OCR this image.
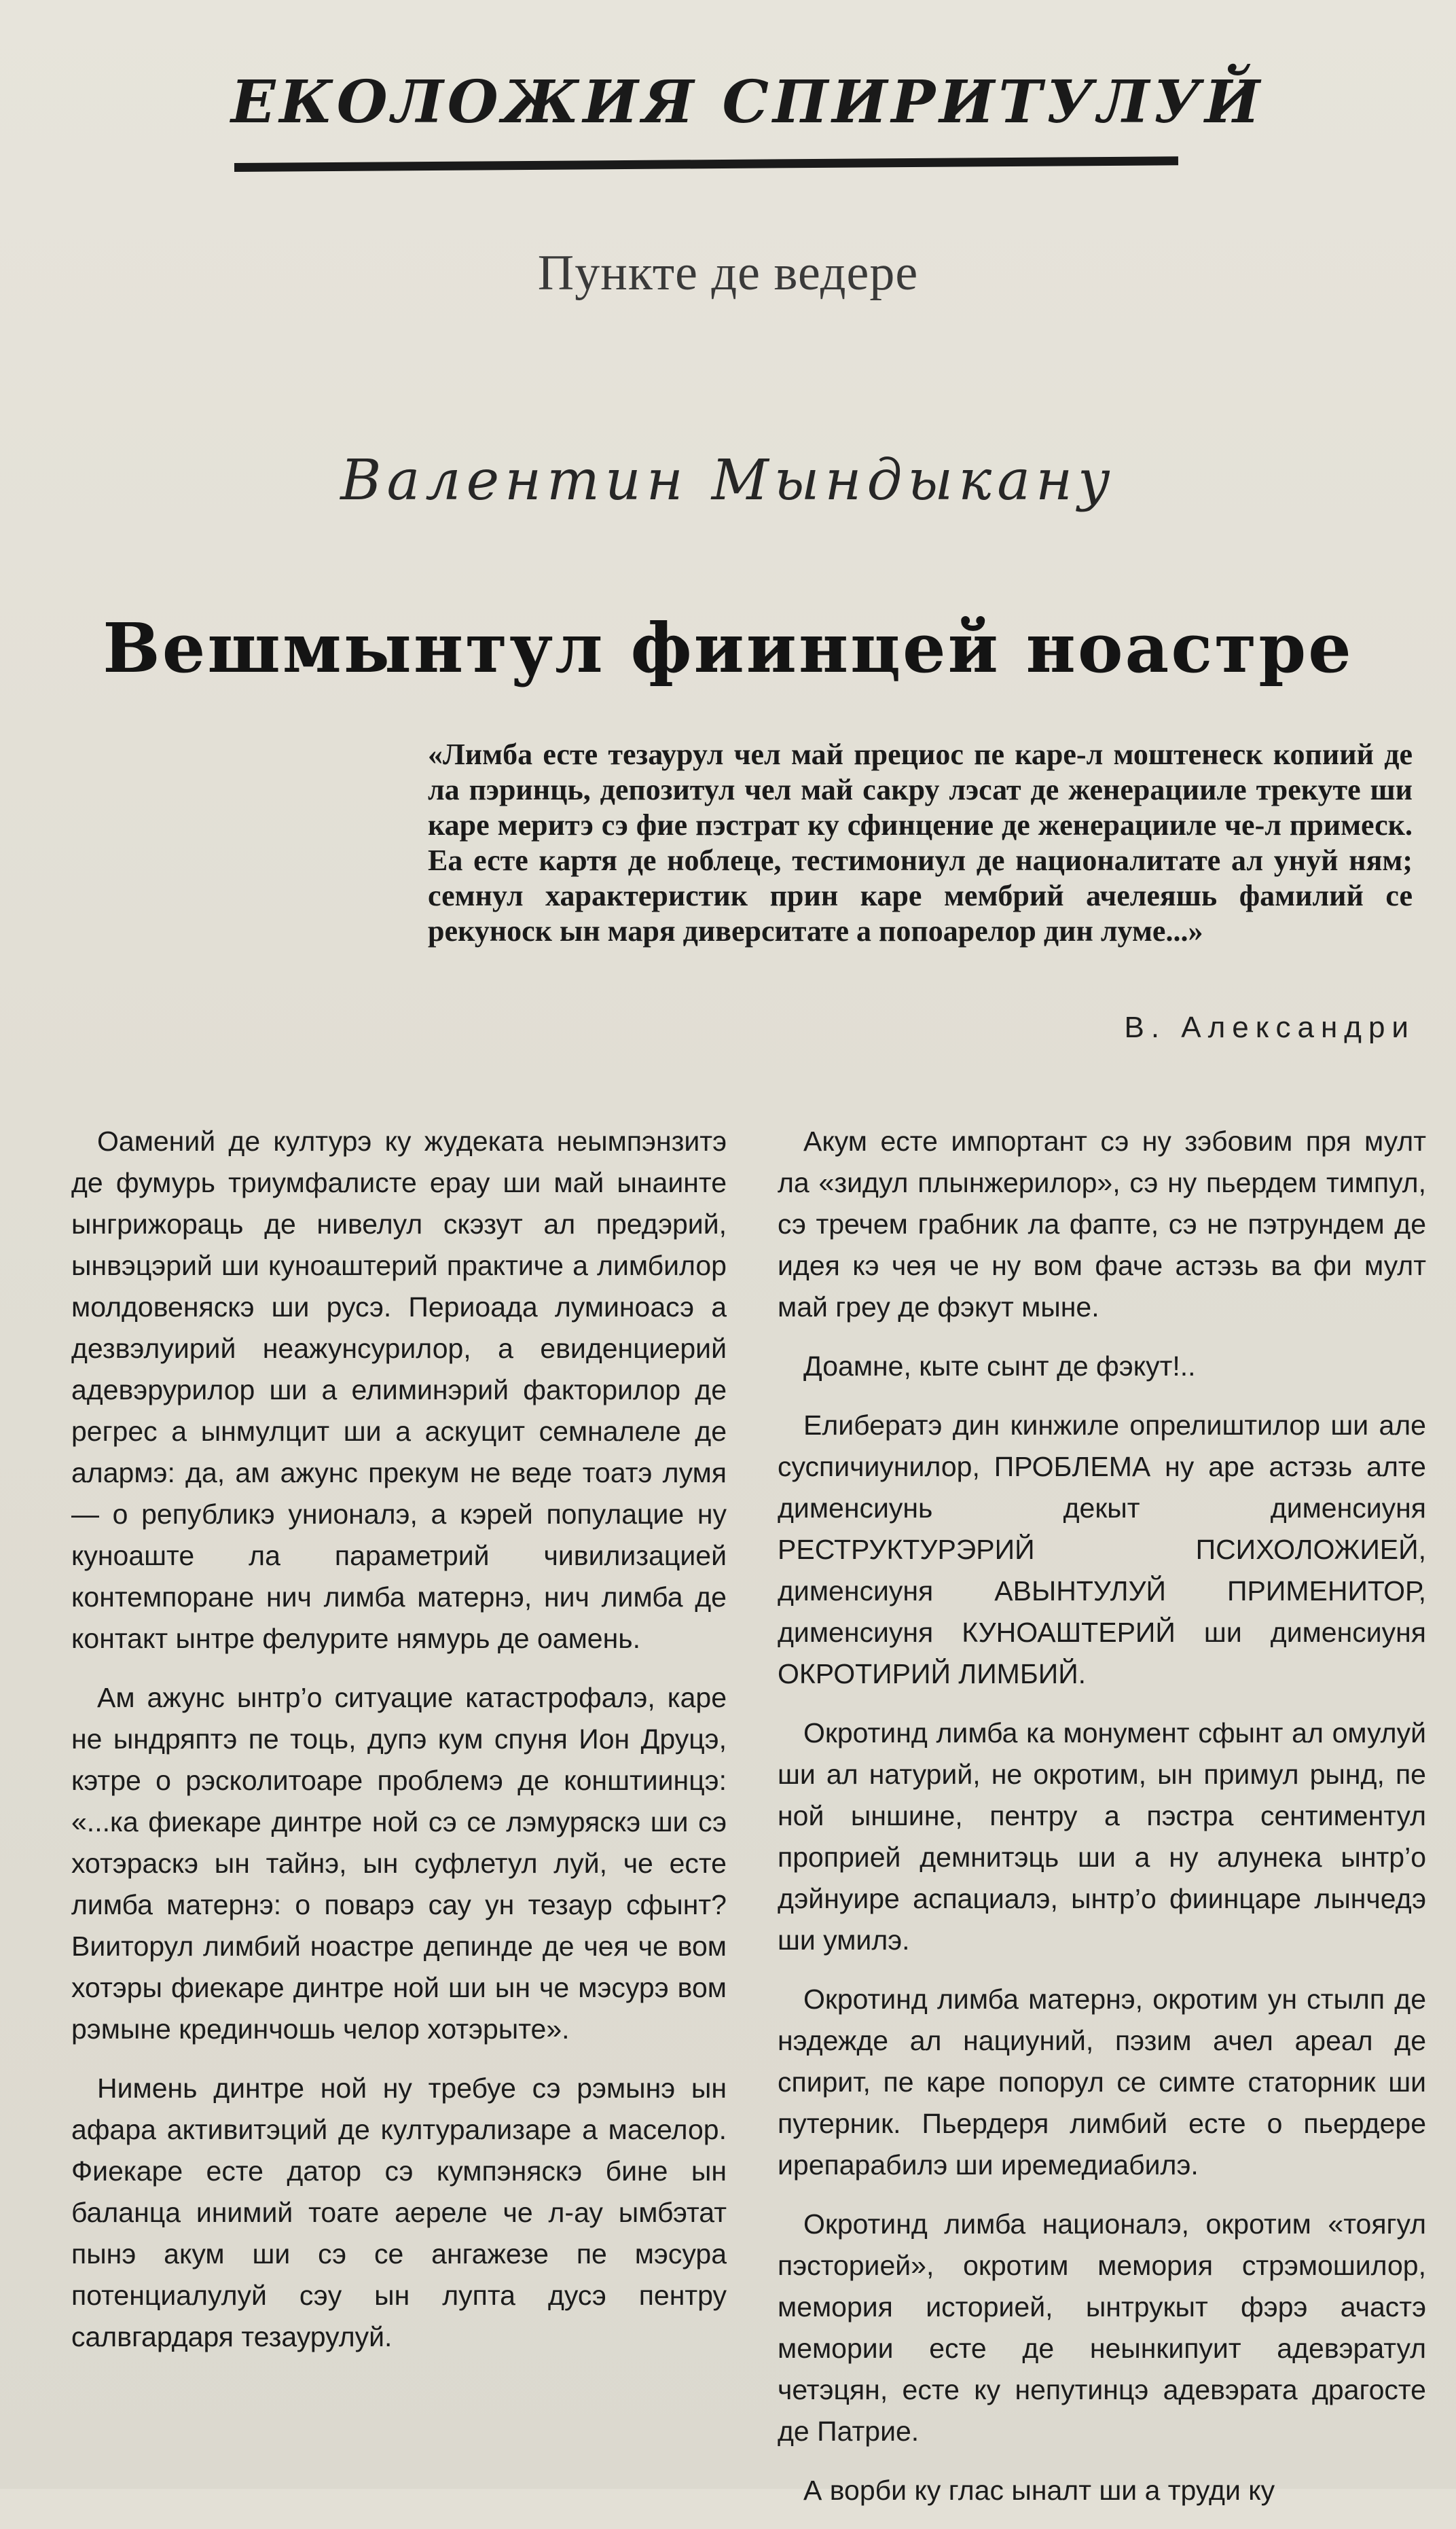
ЕКОЛОЖИЯ СПИРИТУЛУЙ
Пункте де ведере
Валентин Мындыкану
Вешмынтул фиинцей ноастре
«Лимба есте тезаурул чел май прециос пе каре-л моштенеск копиий де ла пэринць, депозитул чел май сакру лэсат де женерацииле трекуте ши каре меритэ сэ фие пэстрат ку сфинцение де женерацииле че-л примеск. Еа есте картя де ноблеце, тестимониул де националитате ал унуй ням; семнул характеристик прин каре мембрий ачелеяшь фамилий се рекуноск ын маря диверситате а попоарелор дин луме...»
В. Александри

Оамений де културэ ку жудеката неымпэнзитэ де фумурь триумфалисте ерау ши май ынаинте ынгрижораць де нивелул скэзут ал предэрий, ынвэцэрий ши куноаштерий практиче а лимбилор молдовеняскэ ши русэ. Периоада луминоасэ а дезвэлуирий неажунсурилор, а евиденциерий адевэрурилор ши а елиминэрий факторилор де регрес а ынмулцит ши а аскуцит семналеле де алармэ: да, ам ажунс прекум не веде тоатэ лумя — о републикэ унионалэ, а кэрей популацие ну куноаште ла параметрий чивилизацией контемпоране нич лимба матернэ, нич лимба де контакт ынтре фелурите нямурь де оамень.

Ам ажунс ынтр’о ситуацие катастрофалэ, каре не ындряптэ пе тоць, дупэ кум спуня Ион Друцэ, кэтре о рэсколитоаре проблемэ де конштиинцэ: «...ка фиекаре динтре ной сэ се лэмуряскэ ши сэ хотэраскэ ын тайнэ, ын суфлетул луй, че есте лимба матернэ: о поварэ сау ун тезаур сфынт? Вииторул лимбий ноастре депинде де чея че вом хотэры фиекаре динтре ной ши ын че мэсурэ вом рэмыне крединчошь челор хотэрыте».

Нимень динтре ной ну требуе сэ рэмынэ ын афара активитэций де културализаре а маселор. Фиекаре есте датор сэ кумпэняскэ бине ын баланца инимий тоате аереле че л-ау ымбэтат пынэ акум ши сэ се ангажезе пе мэсура потенциалулуй сэу ын лупта дусэ пентру салвгардаря тезаурулуй.

Акум есте импортант сэ ну зэбовим пря мулт ла «зидул плынжерилор», сэ ну пьердем тимпул, сэ тречем грабник ла фапте, сэ не пэтрундем де идея кэ чея че ну вом фаче астэзь ва фи мулт май греу де фэкут мыне.

Доамне, кыте сынт де фэкут!..

Елибератэ дин кинжиле опрелиштилор ши але суспичиунилор, ПРОБЛЕМА ну аре астэзь алте дименсиунь декыт дименсиуня РЕСТРУКТУРЭРИЙ ПСИХОЛОЖИЕЙ, дименсиуня АВЫНТУЛУЙ ПРИМЕНИТОР, дименсиуня КУНОАШТЕРИЙ ши дименсиуня ОКРОТИРИЙ ЛИМБИЙ.

Окротинд лимба ка монумент сфынт ал омулуй ши ал натурий, не окротим, ын примул рынд, пе ной ыншине, пентру а пэстра сентиментул проприей демнитэць ши а ну алунека ынтр’о дэйнуире аспациалэ, ынтр’о фиинцаре лынчедэ ши умилэ.

Окротинд лимба матернэ, окротим ун стылп де нэдежде ал нациуний, пэзим ачел ареал де спирит, пе каре попорул се симте статорник ши путерник. Пьердеря лимбий есте о пьердере ирепарабилэ ши иремедиабилэ.

Окротинд лимба националэ, окротим «тоягул пэсторией», окротим мемория стрэмошилор, мемория историей, ынтрукыт фэрэ ачастэ мемории есте де неынкипуит адевэратул четэцян, есте ку непутинцэ адевэрата драгосте де Патрие.

А ворби ку глас ыналт ши а труди ку
